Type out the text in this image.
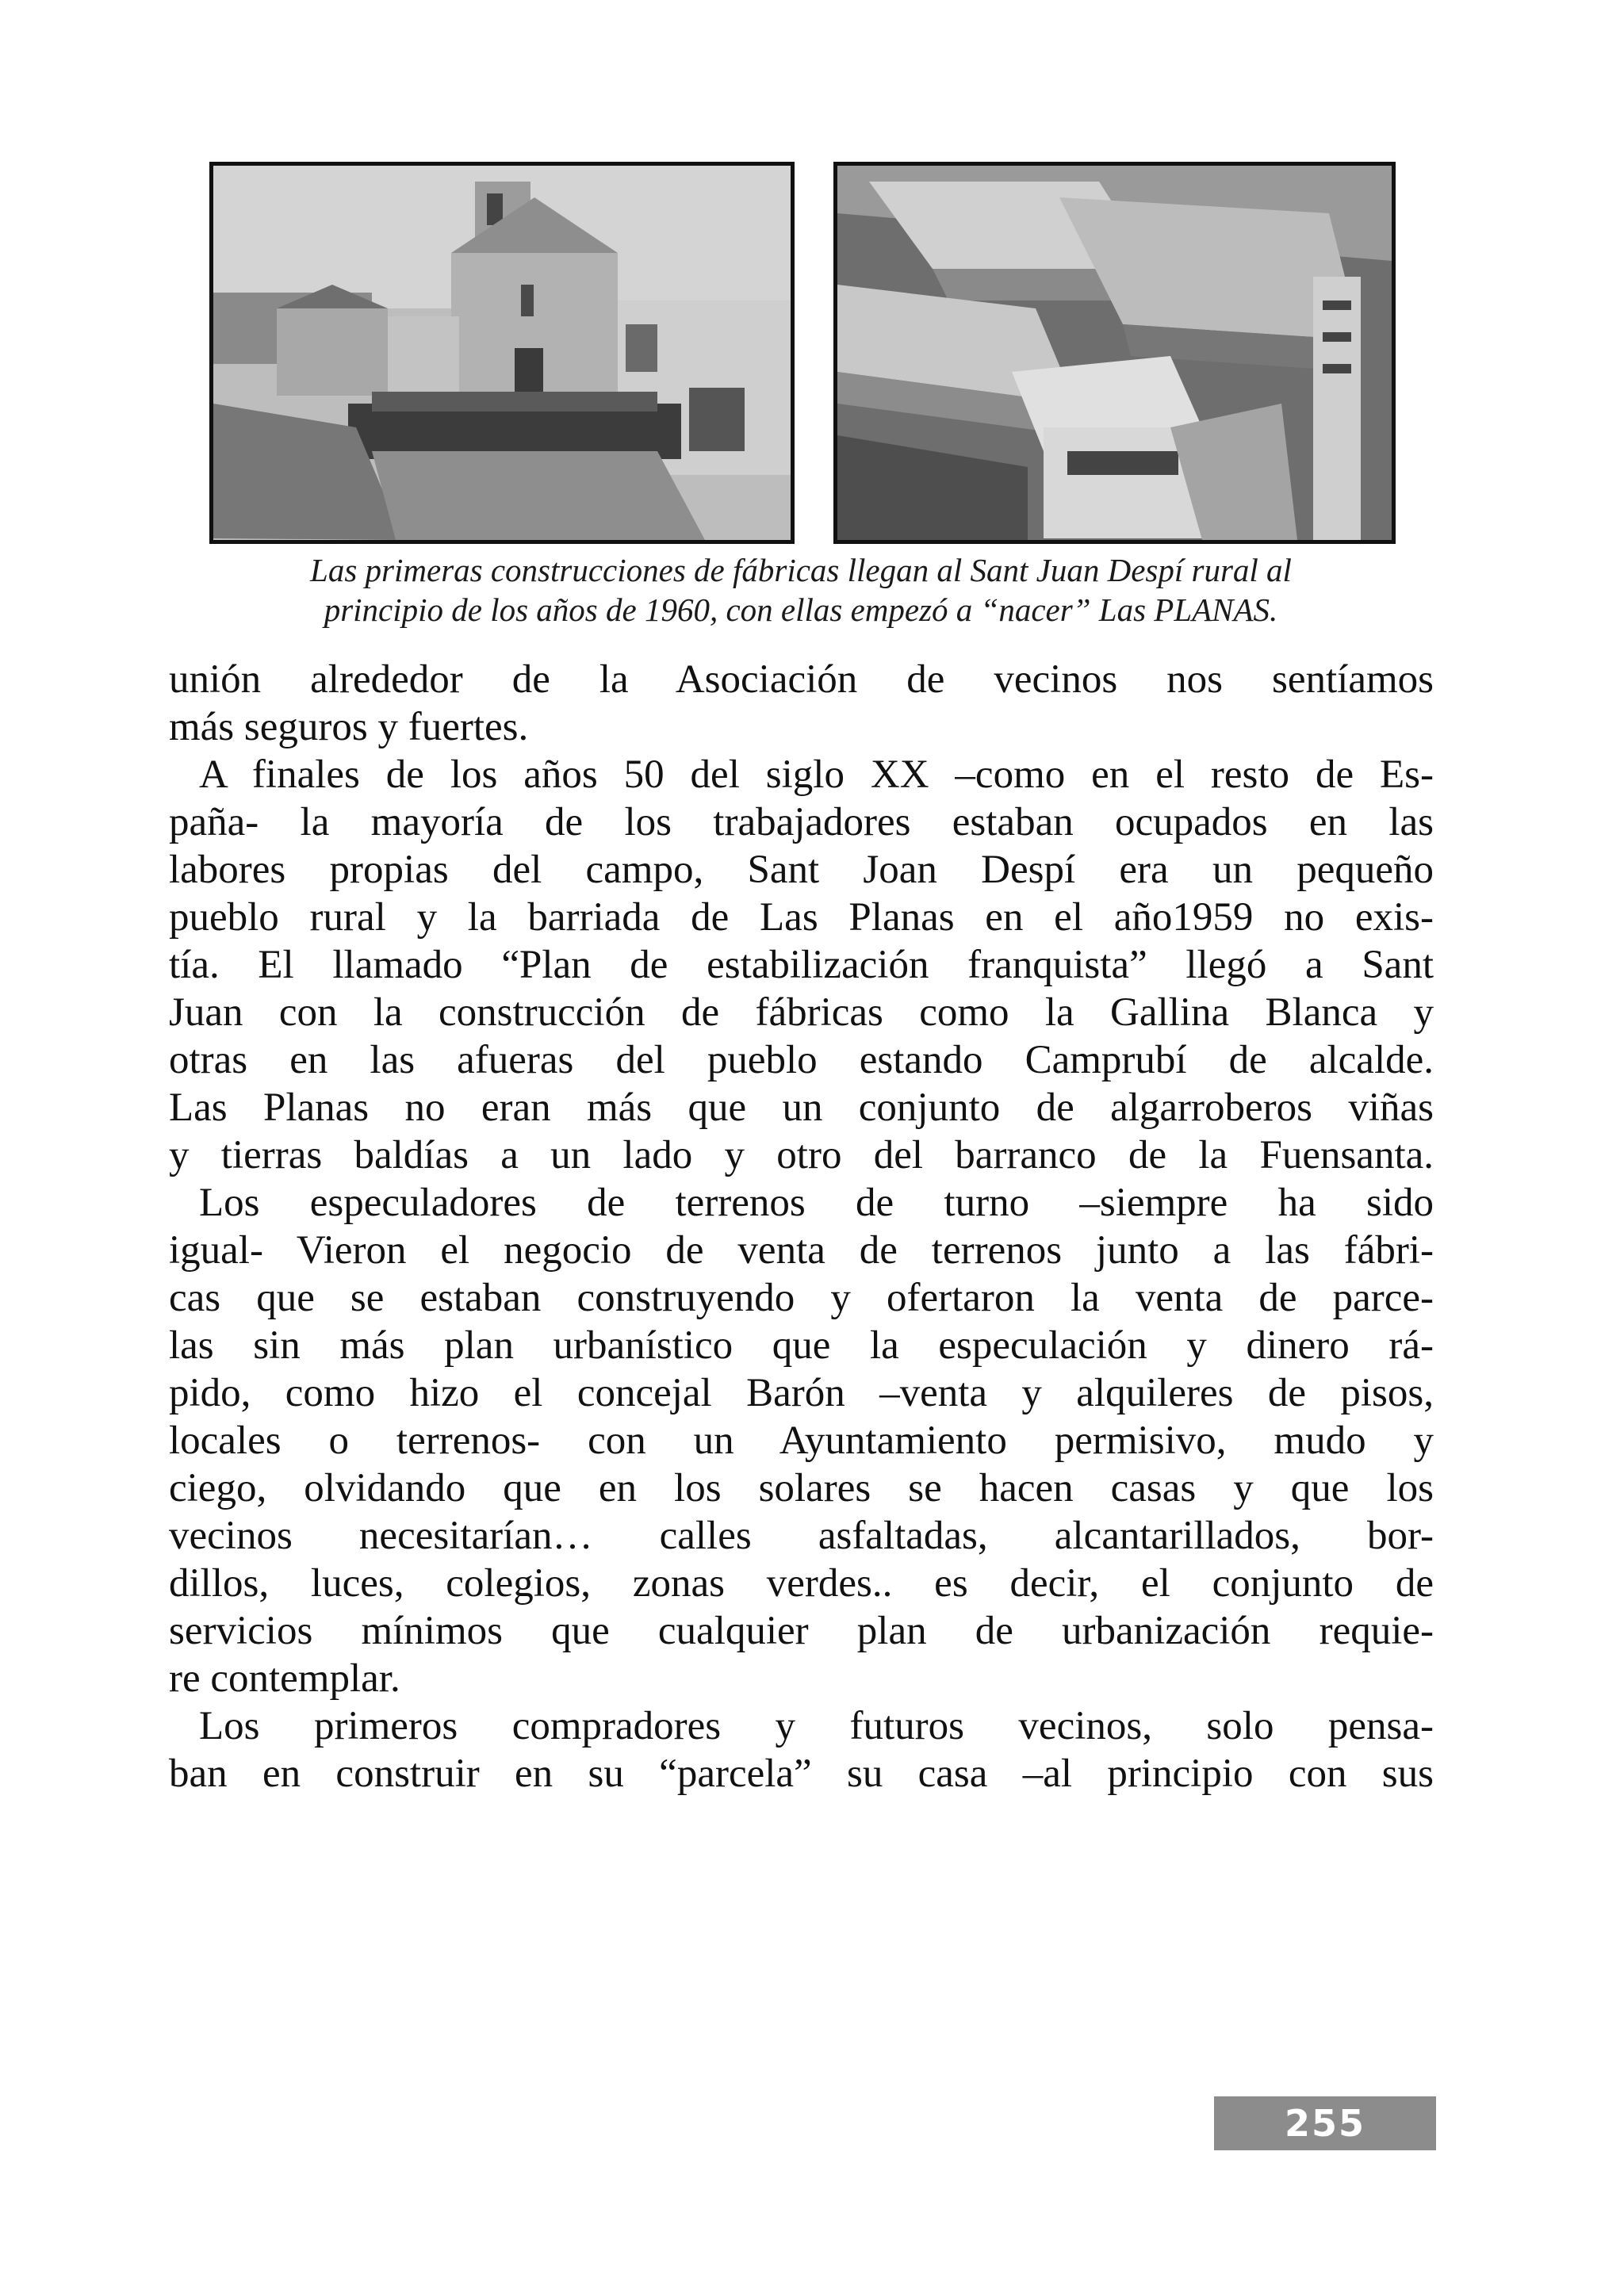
Las primeras construcciones de fábricas llegan al Sant Juan Despí rural al

principio de los años de 1960, con ellas empezó a “nacer” Las PLANAS.

unión alrededor de la Asociación de vecinos nos sentíamos
más seguros y fuertes.
A finales de los años 50 del siglo XX –como en el resto de Es-
paña- la mayoría de los trabajadores estaban ocupados en las
labores propias del campo, Sant Joan Despí era un pequeño
pueblo rural y la barriada de Las Planas en el año1959 no exis-
tía. El llamado “Plan de estabilización franquista” llegó a Sant
Juan con la construcción de fábricas como la Gallina Blanca y
otras en las afueras del pueblo estando Camprubí de alcalde.
Las Planas no eran más que un conjunto de algarroberos viñas
y tierras baldías a un lado y otro del barranco de la Fuensanta.
Los especuladores de terrenos de turno –siempre ha sido
igual- Vieron el negocio de venta de terrenos junto a las fábri-
cas que se estaban construyendo y ofertaron la venta de parce-
las sin más plan urbanístico que la especulación y dinero rá-
pido, como hizo el concejal Barón –venta y alquileres de pisos,
locales o terrenos- con un Ayuntamiento permisivo, mudo y
ciego, olvidando que en los solares se hacen casas y que los
vecinos necesitarían… calles asfaltadas, alcantarillados, bor-
dillos, luces, colegios, zonas verdes.. es decir, el conjunto de
servicios mínimos que cualquier plan de urbanización requie-
re contemplar.
Los primeros compradores y futuros vecinos, solo pensa-
ban en construir en su “parcela” su casa –al principio con sus
255
